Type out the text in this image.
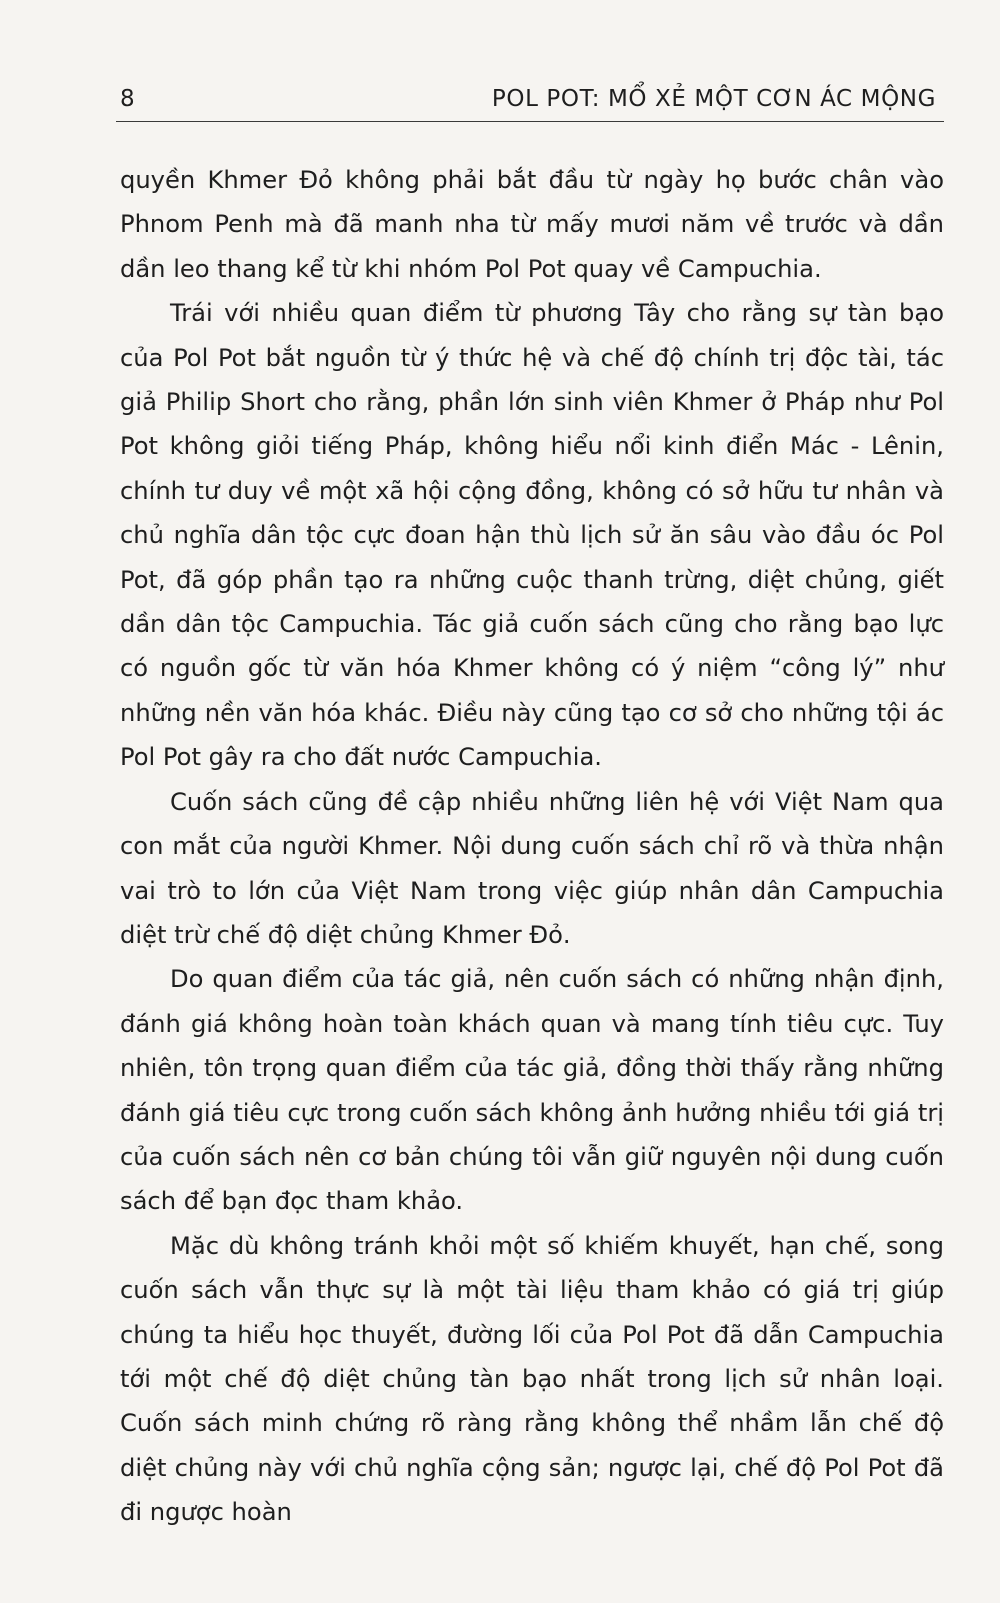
8	POL POT: MỔ XẺ MỘT CƠN ÁC MỘNG

quyền Khmer Đỏ không phải bắt đầu từ ngày họ bước chân vào Phnom Penh mà đã manh nha từ mấy mươi năm về trước và dần dần leo thang kể từ khi nhóm Pol Pot quay về Campuchia.

Trái với nhiều quan điểm từ phương Tây cho rằng sự tàn bạo của Pol Pot bắt nguồn từ ý thức hệ và chế độ chính trị độc tài, tác giả Philip Short cho rằng, phần lớn sinh viên Khmer ở Pháp như Pol Pot không giỏi tiếng Pháp, không hiểu nổi kinh điển Mác - Lênin, chính tư duy về một xã hội cộng đồng, không có sở hữu tư nhân và chủ nghĩa dân tộc cực đoan hận thù lịch sử ăn sâu vào đầu óc Pol Pot, đã góp phần tạo ra những cuộc thanh trừng, diệt chủng, giết dần dân tộc Campuchia. Tác giả cuốn sách cũng cho rằng bạo lực có nguồn gốc từ văn hóa Khmer không có ý niệm “công lý” như những nền văn hóa khác. Điều này cũng tạo cơ sở cho những tội ác Pol Pot gây ra cho đất nước Campuchia.

Cuốn sách cũng đề cập nhiều những liên hệ với Việt Nam qua con mắt của người Khmer. Nội dung cuốn sách chỉ rõ và thừa nhận vai trò to lớn của Việt Nam trong việc giúp nhân dân Campuchia diệt trừ chế độ diệt chủng Khmer Đỏ.

Do quan điểm của tác giả, nên cuốn sách có những nhận định, đánh giá không hoàn toàn khách quan và mang tính tiêu cực. Tuy nhiên, tôn trọng quan điểm của tác giả, đồng thời thấy rằng những đánh giá tiêu cực trong cuốn sách không ảnh hưởng nhiều tới giá trị của cuốn sách nên cơ bản chúng tôi vẫn giữ nguyên nội dung cuốn sách để bạn đọc tham khảo.

Mặc dù không tránh khỏi một số khiếm khuyết, hạn chế, song cuốn sách vẫn thực sự là một tài liệu tham khảo có giá trị giúp chúng ta hiểu học thuyết, đường lối của Pol Pot đã dẫn Campuchia tới một chế độ diệt chủng tàn bạo nhất trong lịch sử nhân loại. Cuốn sách minh chứng rõ ràng rằng không thể nhầm lẫn chế độ diệt chủng này với chủ nghĩa cộng sản; ngược lại, chế độ Pol Pot đã đi ngược hoàn
